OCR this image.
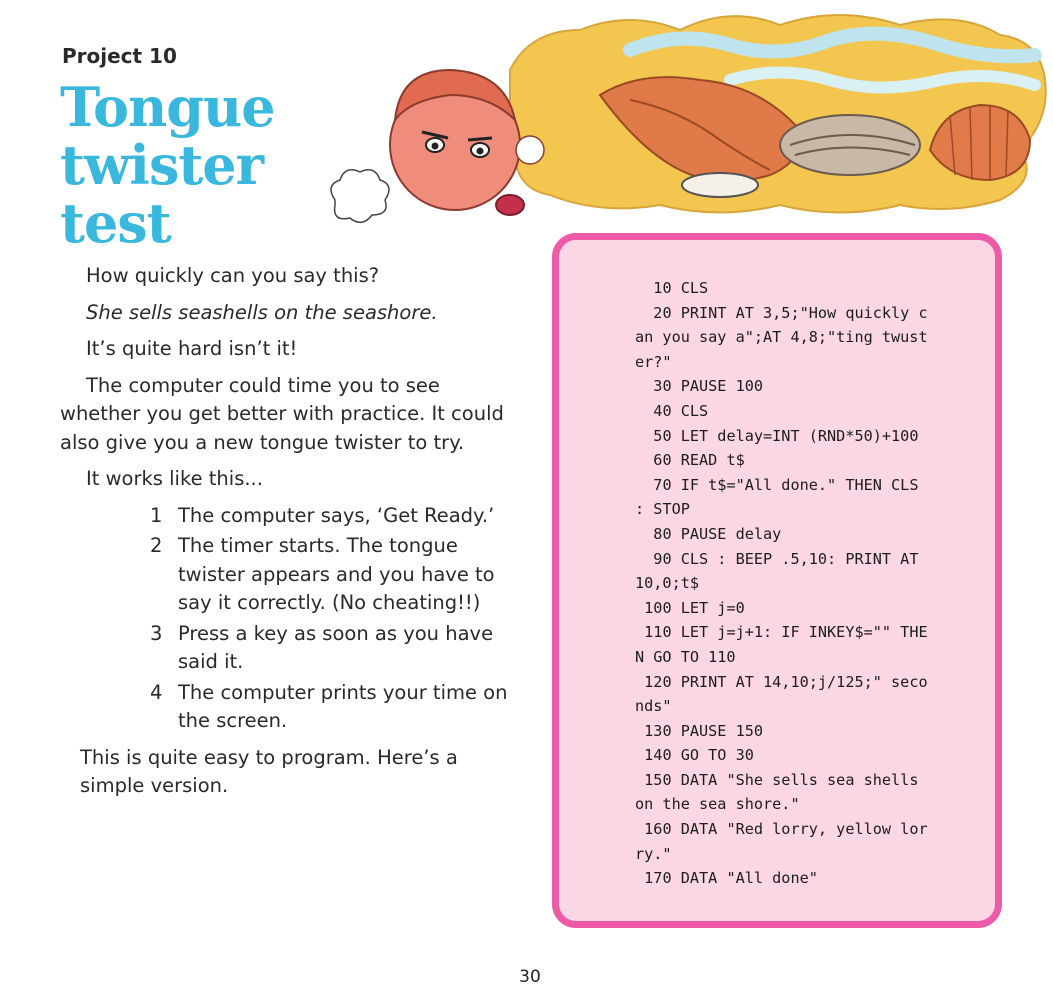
Project 10
Tongue twister
test

How quickly can you say this?

She sells seashells on the seashore.

It’s quite hard isn’t it!

The computer could time you to see whether you get better with practice. It could also give you a new tongue twister to try.

It works like this...

1 The computer says, ‘Get Ready.’
2 The timer starts. The tongue twister appears and you have to say it correctly. (No cheating!!)
3 Press a key as soon as you have said it.
4 The computer prints your time on the screen.

This is quite easy to program. Here’s a simple version.

10 CLS
20 PRINT AT 3,5;"How quickly c
an you say a";AT 4,8;"ting twust
er?"
30 PAUSE 100
40 CLS
50 LET delay=INT (RND*50)+100
60 READ t$
70 IF t$="All done." THEN CLS
: STOP
80 PAUSE delay
90 CLS : BEEP .5,10: PRINT AT
10,0;t$
100 LET j=0
110 LET j=j+1: IF INKEY$="" THE
N GO TO 110
120 PRINT AT 14,10;j/125;" seco
nds"
130 PAUSE 150
140 GO TO 30
150 DATA "She sells sea shells
on the sea shore."
160 DATA "Red lorry, yellow lor
ry."
170 DATA "All done"
30
